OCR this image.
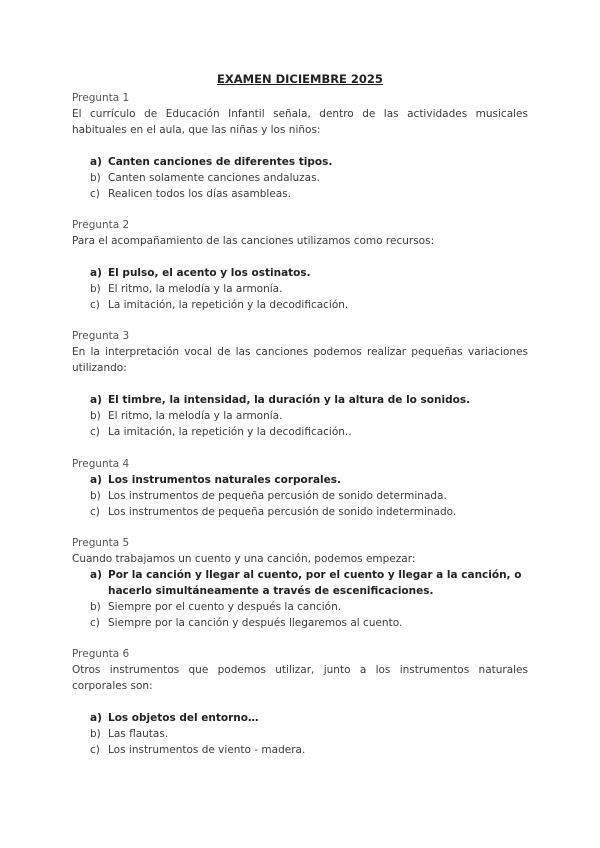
EXAMEN DICIEMBRE 2025
Pregunta 1
El currículo de Educación Infantil señala, dentro de las actividades musicales habituales en el aula, que las niñas y los niños:
a) Canten canciones de diferentes tipos.
b) Canten solamente canciones andaluzas.
c) Realicen todos los días asambleas.
Pregunta 2
Para el acompañamiento de las canciones utilizamos como recursos:
a) El pulso, el acento y los ostinatos.
b) El ritmo, la melodía y la armonía.
c) La imitación, la repetición y la decodificación.
Pregunta 3
En la interpretación vocal de las canciones podemos realizar pequeñas variaciones utilizando:
a) El timbre, la intensidad, la duración y la altura de lo sonidos.
b) El ritmo, la melodía y la armonía.
c) La imitación, la repetición y la decodificación..
Pregunta 4
a) Los instrumentos naturales corporales.
b) Los instrumentos de pequeña percusión de sonido determinada.
c) Los instrumentos de pequeña percusión de sonido indeterminado.
Pregunta 5
Cuando trabajamos un cuento y una canción, podemos empezar:
a) Por la canción y llegar al cuento, por el cuento y llegar a la canción, o hacerlo simultáneamente a través de escenificaciones.
b) Siempre por el cuento y después la canción.
c) Siempre por la canción y después llegaremos al cuento.
Pregunta 6
Otros instrumentos que podemos utilizar, junto a los instrumentos naturales corporales son:
a) Los objetos del entorno…
b) Las flautas.
c) Los instrumentos de viento - madera.
